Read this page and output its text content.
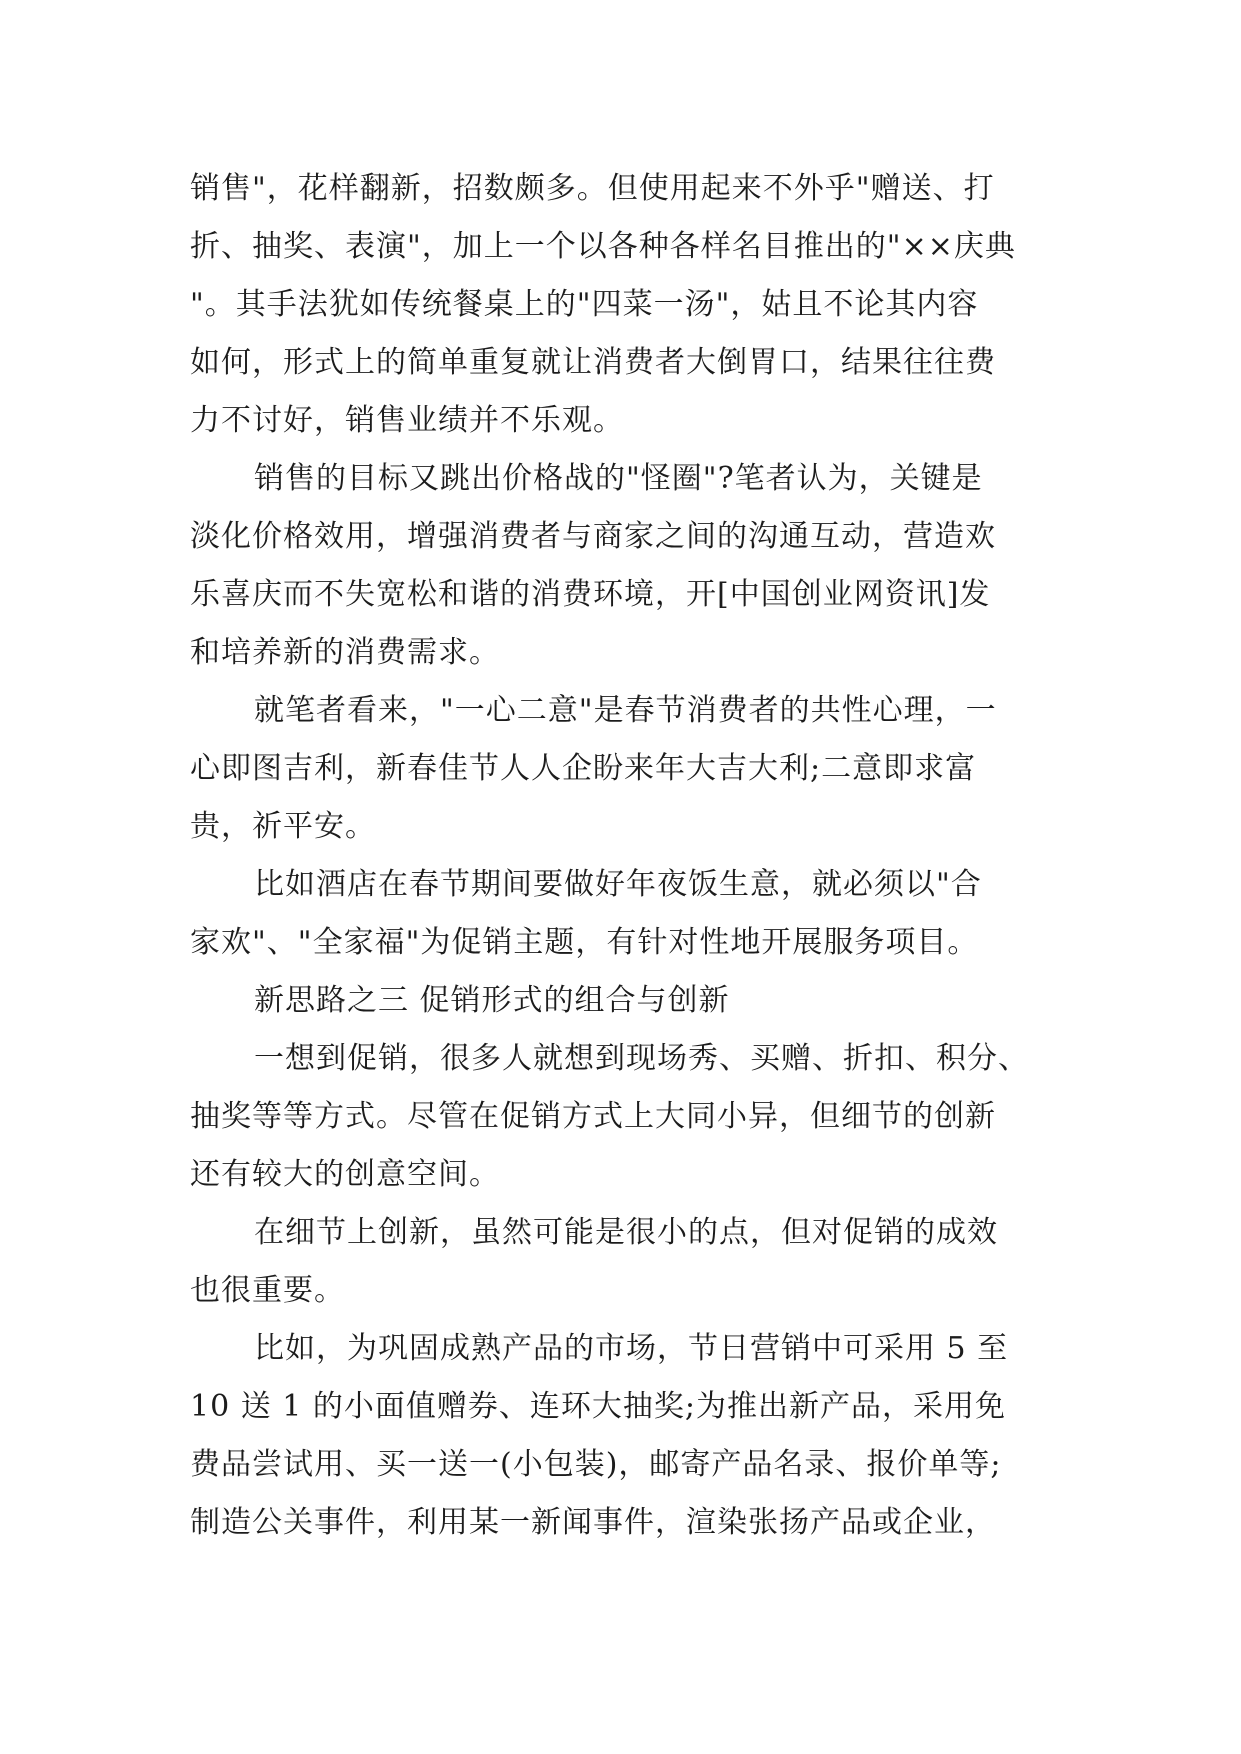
销售"，花样翻新，招数颇多。但使用起来不外乎"赠送、打
折、抽奖、表演"，加上一个以各种各样名目推出的"××庆典
"。其手法犹如传统餐桌上的"四菜一汤"，姑且不论其内容
如何，形式上的简单重复就让消费者大倒胃口，结果往往费
力不讨好，销售业绩并不乐观。
销售的目标又跳出价格战的"怪圈"?笔者认为，关键是
淡化价格效用，增强消费者与商家之间的沟通互动，营造欢
乐喜庆而不失宽松和谐的消费环境，开[中国创业网资讯]发
和培养新的消费需求。
就笔者看来，"一心二意"是春节消费者的共性心理，一
心即图吉利，新春佳节人人企盼来年大吉大利;二意即求富
贵，祈平安。
比如酒店在春节期间要做好年夜饭生意，就必须以"合
家欢"、"全家福"为促销主题，有针对性地开展服务项目。
新思路之三 促销形式的组合与创新
一想到促销，很多人就想到现场秀、买赠、折扣、积分、
抽奖等等方式。尽管在促销方式上大同小异，但细节的创新
还有较大的创意空间。
在细节上创新，虽然可能是很小的点，但对促销的成效
也很重要。
比如，为巩固成熟产品的市场，节日营销中可采用 5 至
10 送 1 的小面值赠券、连环大抽奖;为推出新产品，采用免
费品尝试用、买一送一(小包装)，邮寄产品名录、报价单等;
制造公关事件，利用某一新闻事件，渲染张扬产品或企业，
